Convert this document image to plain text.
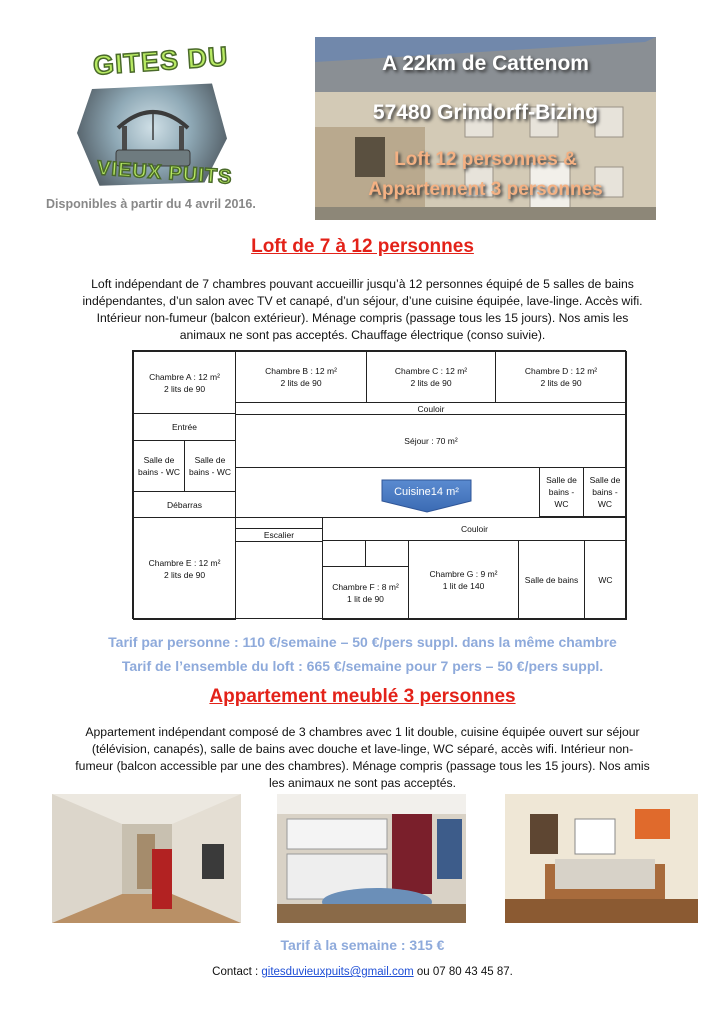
GITES DU
VIEUX PUITS
Disponibles à partir du 4 avril 2016.
A 22km de Cattenom
57480 Grindorff-Bizing
Loft 12 personnes &
Appartement 3 personnes
Loft de 7 à 12 personnes
Loft indépendant de 7 chambres pouvant accueillir jusqu’à 12 personnes équipé de 5 salles de bains
indépendantes, d’un salon avec TV et canapé, d’un séjour, d’une cuisine équipée, lave-linge. Accès wifi.
Intérieur non-fumeur (balcon extérieur). Ménage compris (passage tous les 15 jours). Nos amis les
animaux ne sont pas acceptés. Chauffage électrique (conso suivie).
Chambre A : 12 m²
2 lits de 90
Chambre B : 12 m²
2 lits de 90
Chambre C : 12 m²
2 lits de 90
Chambre D : 12 m²
2 lits de 90
Couloir
Entrée
Salle de
bains - WC
Salle de
bains - WC
Séjour : 70 m²
Salle de
bains -
WC
Salle de
bains -
WC
Débarras
Chambre E : 12 m²
2 lits de 90
Escalier
Couloir
Chambre F : 8 m²
1 lit de 90
Chambre G : 9 m²
1 lit de 140
Salle de bains	WC
Cuisine14 m²
Tarif par personne : 110 €/semaine – 50 €/pers suppl. dans la même chambre
Tarif de l’ensemble du loft : 665 €/semaine pour 7 pers – 50 €/pers suppl.
Appartement meublé 3 personnes
Appartement indépendant composé de 3 chambres avec 1 lit double, cuisine équipée ouvert sur séjour
(télévision, canapés), salle de bains avec douche et lave-linge, WC séparé, accès wifi. Intérieur non-
fumeur (balcon accessible par une des chambres). Ménage compris (passage tous les 15 jours). Nos amis
les animaux ne sont pas acceptés.
Tarif à la semaine : 315 €
Contact : gitesduvieuxpuits@gmail.com ou 07 80 43 45 87.
